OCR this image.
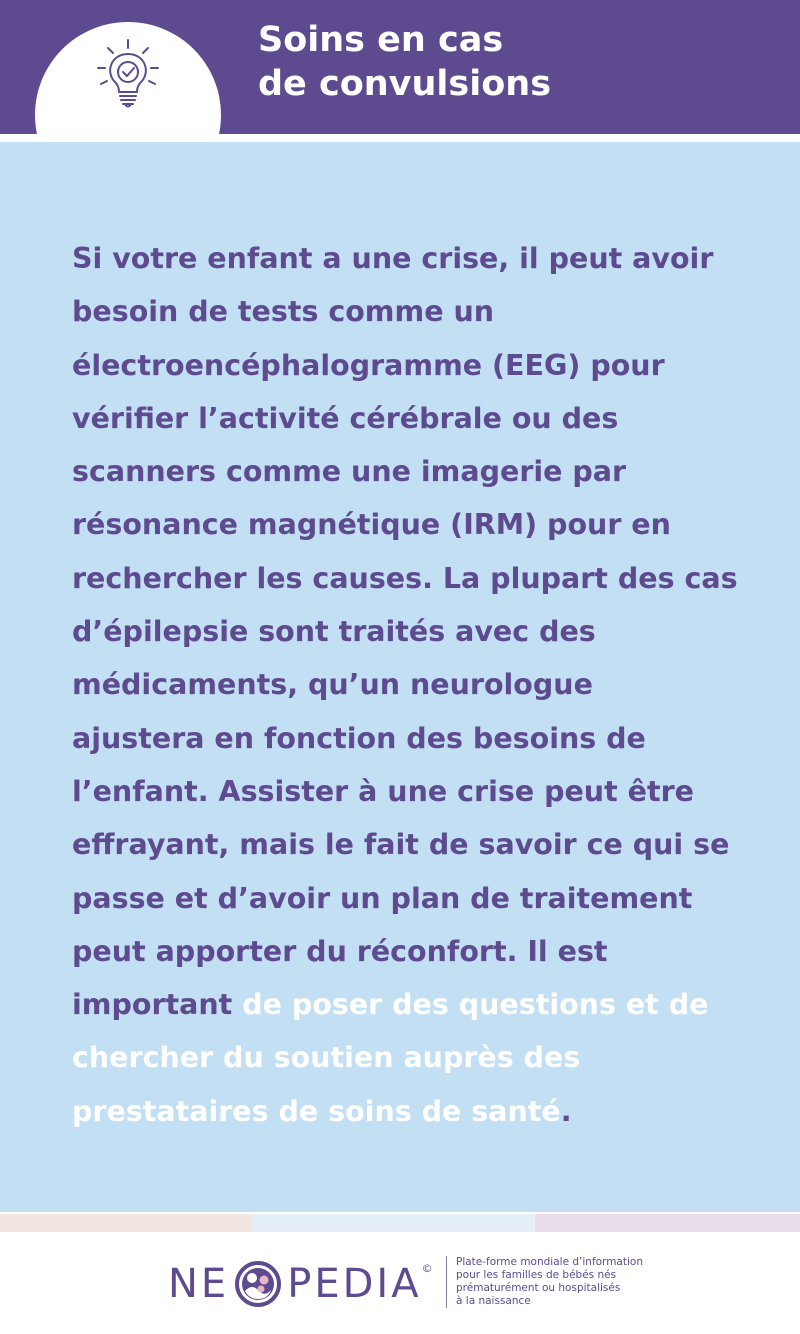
Soins en cas
de convulsions

Si votre enfant a une crise, il peut avoir
besoin de tests comme un
électroencéphalogramme (EEG) pour
vérifier l’activité cérébrale ou des
scanners comme une imagerie par
résonance magnétique (IRM) pour en
rechercher les causes. La plupart des cas
d’épilepsie sont traités avec des
médicaments, qu’un neurologue
ajustera en fonction des besoins de
l’enfant. Assister à une crise peut être
effrayant, mais le fait de savoir ce qui se
passe et d’avoir un plan de traitement
peut apporter du réconfort. Il est
important de poser des questions et de
chercher du soutien auprès des
prestataires de soins de santé.

NE PEDIA © Plate-forme mondiale d’information
pour les familles de bébés nés
prématurément ou hospitalisés
à la naissance
